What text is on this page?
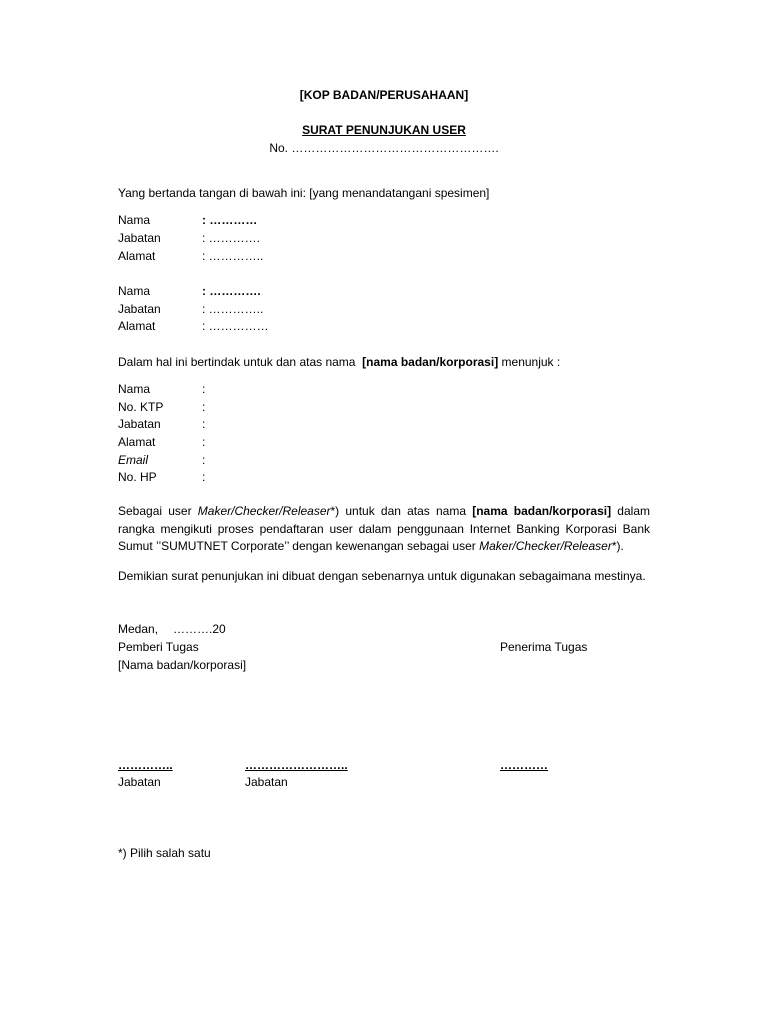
[KOP BADAN/PERUSAHAAN]
SURAT PENUNJUKAN USER
No. …………………………………………….
Yang bertanda tangan di bawah ini: [yang menandatangani spesimen]
Nama	: …………
Jabatan	: ………….
Alamat	: …………..
Nama	: ………….
Jabatan	: …………..
Alamat	: ……………
Dalam hal ini bertindak untuk dan atas nama  [nama badan/korporasi] menunjuk :
Nama	:
No. KTP	:
Jabatan	:
Alamat	:
Email	:
No. HP	:
Sebagai user Maker/Checker/Releaser*) untuk dan atas nama [nama badan/korporasi] dalam rangka mengikuti proses pendaftaran user dalam penggunaan Internet Banking Korporasi Bank Sumut ’’SUMUTNET Corporate’’ dengan kewenangan sebagai user Maker/Checker/Releaser*).
Demikian surat penunjukan ini dibuat dengan sebenarnya untuk digunakan sebagaimana mestinya.
Medan, ……….20
Pemberi Tugas	Penerima Tugas
[Nama badan/korporasi]
…………..	……………………..	…………
Jabatan	Jabatan
*) Pilih salah satu
